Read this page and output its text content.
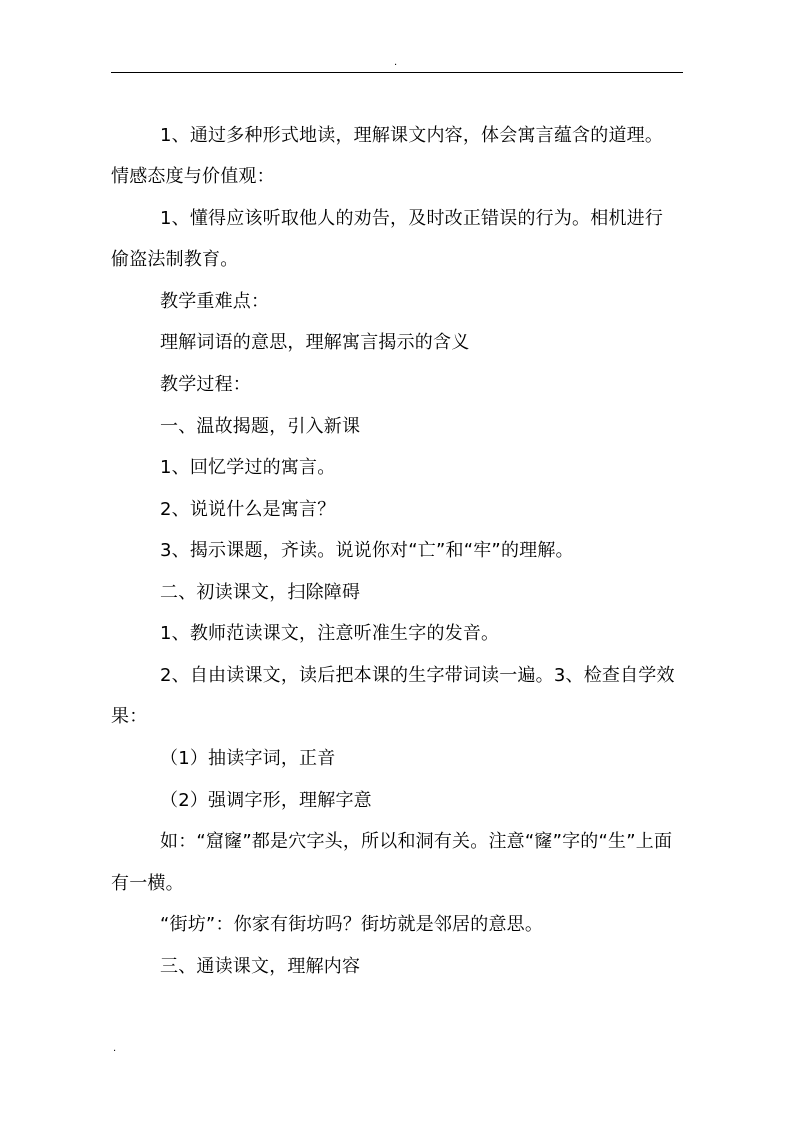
.
1、通过多种形式地读，理解课文内容，体会寓言蕴含的道理。
情感态度与价值观：
1、懂得应该听取他人的劝告，及时改正错误的行为。相机进行
偷盗法制教育。
教学重难点：
理解词语的意思，理解寓言揭示的含义
教学过程：
一、温故揭题，引入新课
1、回忆学过的寓言。
2、说说什么是寓言？
3、揭示课题，齐读。说说你对“亡”和“牢”的理解。
二、初读课文，扫除障碍
1、教师范读课文，注意听准生字的发音。
2、自由读课文，读后把本课的生字带词读一遍。3、检查自学效
果：
（1）抽读字词，正音
（2）强调字形，理解字意
如：“窟窿”都是穴字头，所以和洞有关。注意“窿”字的“生”上面
有一横。
“街坊”：你家有街坊吗？街坊就是邻居的意思。
三、通读课文，理解内容
.
